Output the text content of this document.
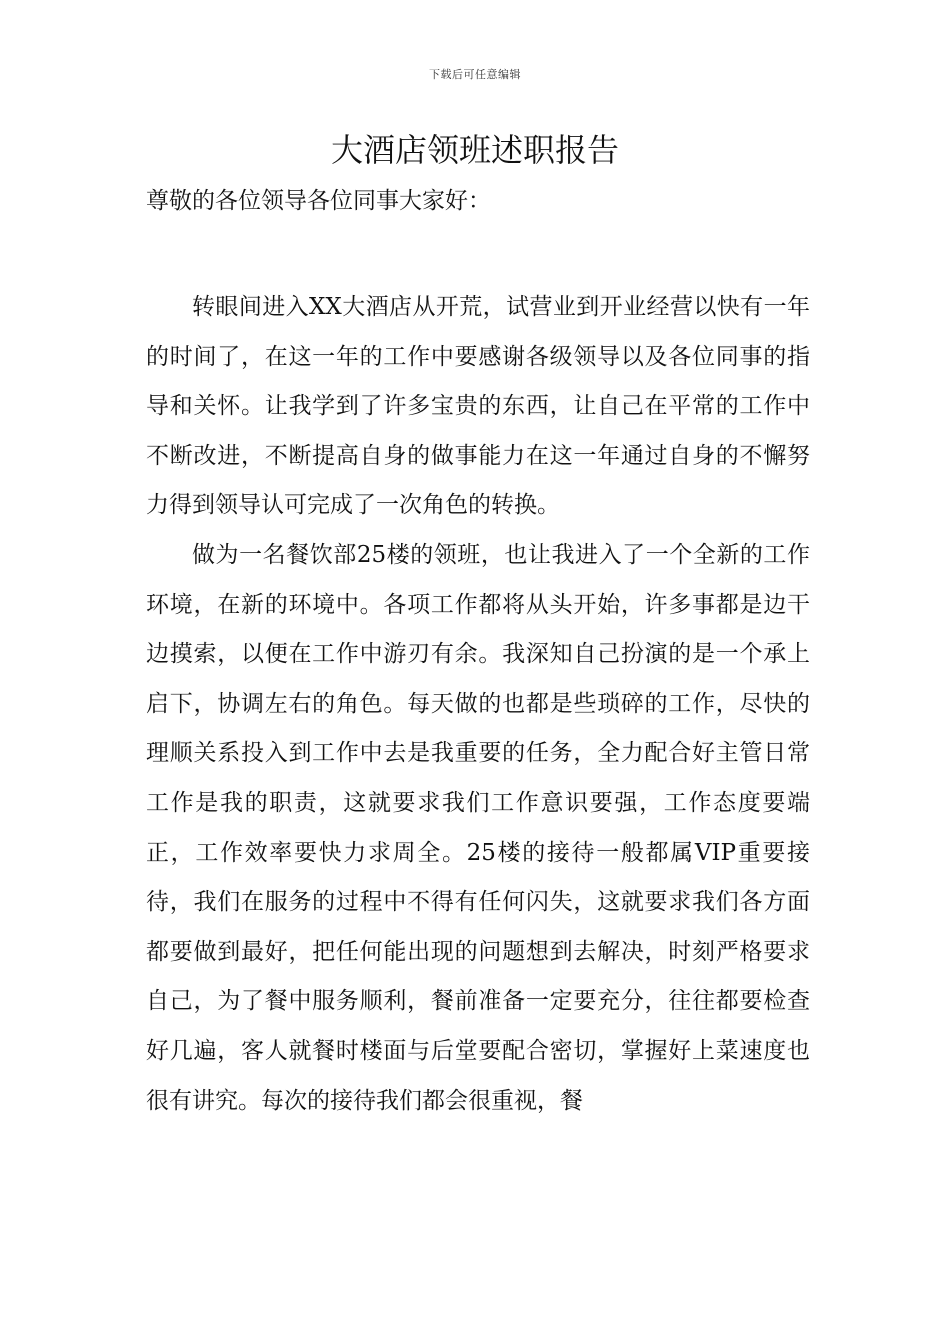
下载后可任意编辑
大酒店领班述职报告
尊敬的各位领导各位同事大家好：

转眼间进入XX大酒店从开荒，试营业到开业经营以快有一年的时间了，在这一年的工作中要感谢各级领导以及各位同事的指导和关怀。让我学到了许多宝贵的东西，让自己在平常的工作中不断改进，不断提高自身的做事能力在这一年通过自身的不懈努力得到领导认可完成了一次角色的转换。

做为一名餐饮部25楼的领班，也让我进入了一个全新的工作环境，在新的环境中。各项工作都将从头开始，许多事都是边干边摸索，以便在工作中游刃有余。我深知自己扮演的是一个承上启下，协调左右的角色。每天做的也都是些琐碎的工作，尽快的理顺关系投入到工作中去是我重要的任务，全力配合好主管日常工作是我的职责，这就要求我们工作意识要强，工作态度要端正，工作效率要快力求周全。25楼的接待一般都属VIP重要接待，我们在服务的过程中不得有任何闪失，这就要求我们各方面都要做到最好，把任何能出现的问题想到去解决，时刻严格要求自己，为了餐中服务顺利，餐前准备一定要充分，往往都要检查好几遍，客人就餐时楼面与后堂要配合密切，掌握好上菜速度也很有讲究。每次的接待我们都会很重视，餐
